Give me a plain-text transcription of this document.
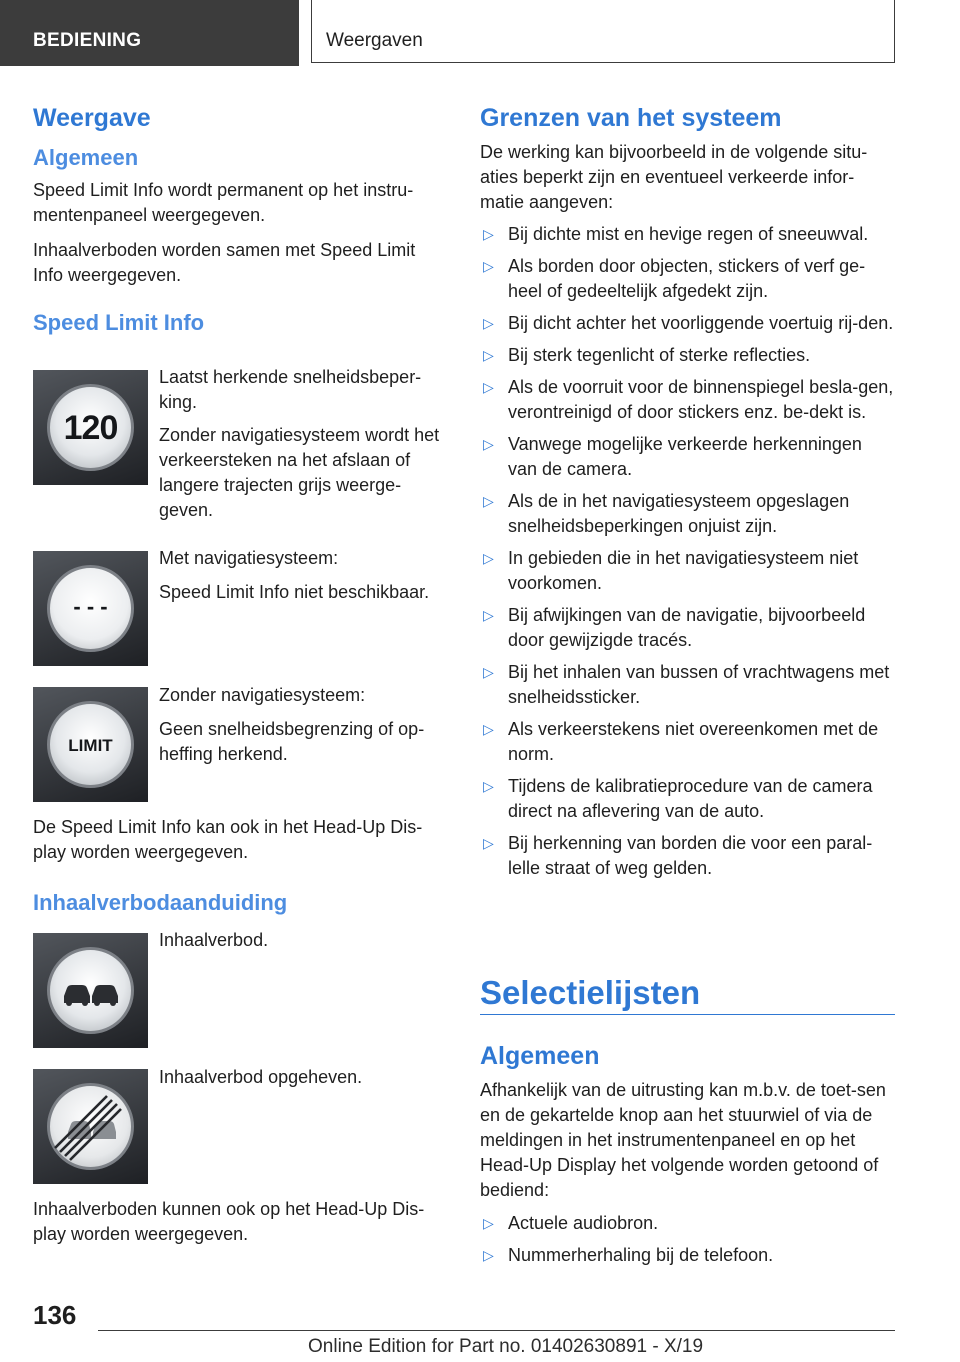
BEDIENING	Weergaven
Weergave
Algemeen

Speed Limit Info wordt permanent op het instru-mentenpaneel weergegeven.

Inhaalverboden worden samen met Speed Limit Info weergegeven.

Speed Limit Info
120

Laatst herkende snelheidsbeper-king.

Zonder navigatiesysteem wordt het verkeersteken na het afslaan of langere trajecten grijs weerge-geven.

- - -

Met navigatiesysteem:

Speed Limit Info niet beschikbaar.

LIMIT

Zonder navigatiesysteem:

Geen snelheidsbegrenzing of op-heffing herkend.

De Speed Limit Info kan ook in het Head-Up Dis-play worden weergegeven.

Inhaalverbodaanduiding

Inhaalverbod.

Inhaalverbod opgeheven.

Inhaalverboden kunnen ook op het Head-Up Dis-play worden weergegeven.

Grenzen van het systeem

De werking kan bijvoorbeeld in de volgende situ-aties beperkt zijn en eventueel verkeerde infor-matie aangeven:

▷ Bij dichte mist en hevige regen of sneeuwval.
▷ Als borden door objecten, stickers of verf ge-heel of gedeeltelijk afgedekt zijn.
▷ Bij dicht achter het voorliggende voertuig rij-den.
▷ Bij sterk tegenlicht of sterke reflecties.
▷ Als de voorruit voor de binnenspiegel besla-gen, verontreinigd of door stickers enz. be-dekt is.
▷ Vanwege mogelijke verkeerde herkenningen van de camera.
▷ Als de in het navigatiesysteem opgeslagen snelheidsbeperkingen onjuist zijn.
▷ In gebieden die in het navigatiesysteem niet voorkomen.
▷ Bij afwijkingen van de navigatie, bijvoorbeeld door gewijzigde tracés.
▷ Bij het inhalen van bussen of vrachtwagens met snelheidssticker.
▷ Als verkeerstekens niet overeenkomen met de norm.
▷ Tijdens de kalibratieprocedure van de camera direct na aflevering van de auto.
▷ Bij herkenning van borden die voor een paral-lelle straat of weg gelden.
Selectielijsten
Algemeen

Afhankelijk van de uitrusting kan m.b.v. de toet-sen en de gekartelde knop aan het stuurwiel of via de meldingen in het instrumentenpaneel en op het Head-Up Display het volgende worden getoond of bediend:

▷ Actuele audiobron.
▷ Nummerherhaling bij de telefoon.
136
Online Edition for Part no. 01402630891 - X/19
